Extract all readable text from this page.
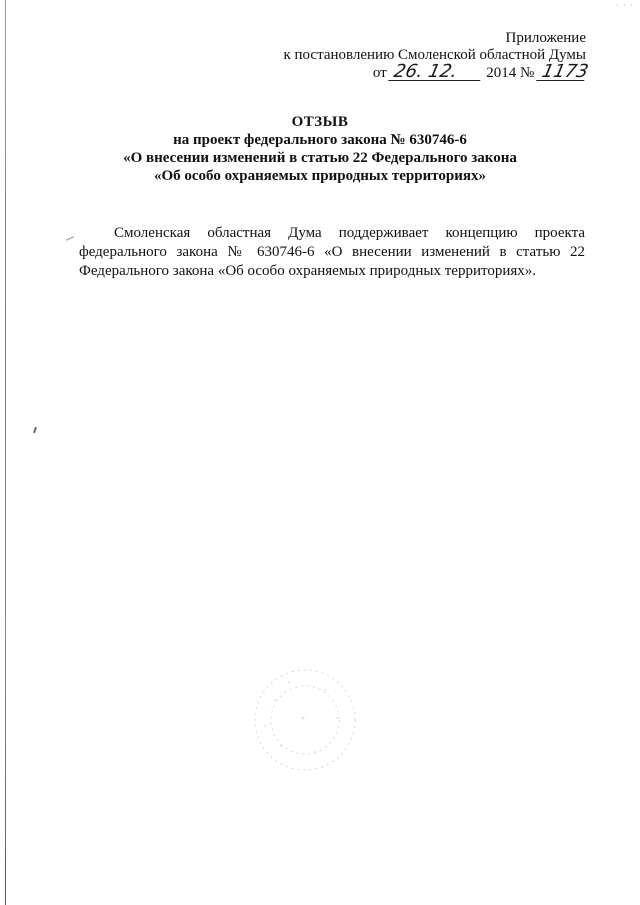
· · ·
Приложение
к постановлению Смоленской областной Думы
от 26. 12. 2014 № 1173
ОТЗЫВ
на проект федерального закона № 630746-6
«О внесении изменений в статью 22 Федерального закона
«Об особо охраняемых природных территориях»
Смоленская областная Дума поддерживает концепцию проекта
федерального закона № 630746-6 «О внесении изменений в статью 22
Федерального закона «Об особо охраняемых природных территориях».
